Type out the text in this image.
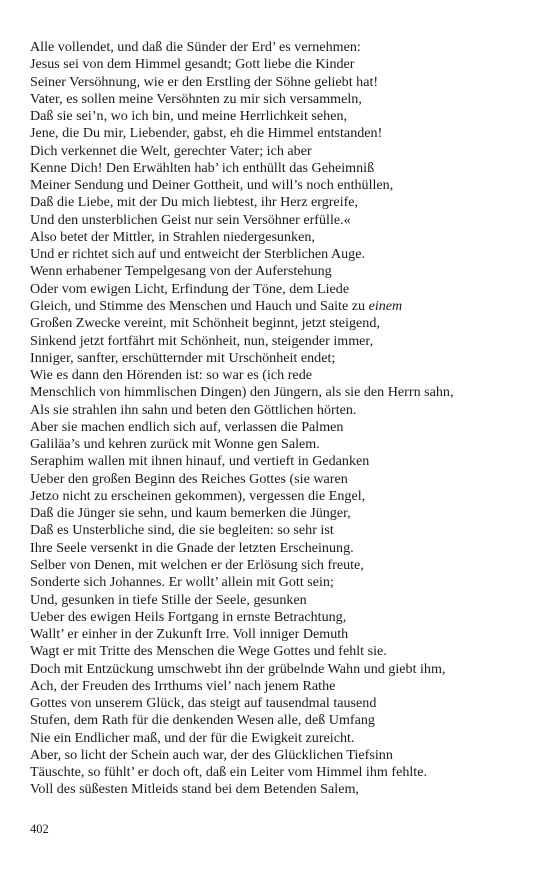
Alle vollendet, und daß die Sünder der Erd’ es vernehmen:
Jesus sei von dem Himmel gesandt; Gott liebe die Kinder
Seiner Versöhnung, wie er den Erstling der Söhne geliebt hat!
Vater, es sollen meine Versöhnten zu mir sich versammeln,
Daß sie sei’n, wo ich bin, und meine Herrlichkeit sehen,
Jene, die Du mir, Liebender, gabst, eh die Himmel entstanden!
Dich verkennet die Welt, gerechter Vater; ich aber
Kenne Dich! Den Erwählten hab’ ich enthüllt das Geheimniß
Meiner Sendung und Deiner Gottheit, und will’s noch enthüllen,
Daß die Liebe, mit der Du mich liebtest, ihr Herz ergreife,
Und den unsterblichen Geist nur sein Versöhner erfülle.«
Also betet der Mittler, in Strahlen niedergesunken,
Und er richtet sich auf und entweicht der Sterblichen Auge.
Wenn erhabener Tempelgesang von der Auferstehung
Oder vom ewigen Licht, Erfindung der Töne, dem Liede
Gleich, und Stimme des Menschen und Hauch und Saite zu einem
Großen Zwecke vereint, mit Schönheit beginnt, jetzt steigend,
Sinkend jetzt fortfährt mit Schönheit, nun, steigender immer,
Inniger, sanfter, erschütternder mit Urschönheit endet;
Wie es dann den Hörenden ist: so war es (ich rede
Menschlich von himmlischen Dingen) den Jüngern, als sie den Herrn sahn,
Als sie strahlen ihn sahn und beten den Göttlichen hörten.
Aber sie machen endlich sich auf, verlassen die Palmen
Galiläa’s und kehren zurück mit Wonne gen Salem.
Seraphim wallen mit ihnen hinauf, und vertieft in Gedanken
Ueber den großen Beginn des Reiches Gottes (sie waren
Jetzo nicht zu erscheinen gekommen), vergessen die Engel,
Daß die Jünger sie sehn, und kaum bemerken die Jünger,
Daß es Unsterbliche sind, die sie begleiten: so sehr ist
Ihre Seele versenkt in die Gnade der letzten Erscheinung.
Selber von Denen, mit welchen er der Erlösung sich freute,
Sonderte sich Johannes. Er wollt’ allein mit Gott sein;
Und, gesunken in tiefe Stille der Seele, gesunken
Ueber des ewigen Heils Fortgang in ernste Betrachtung,
Wallt’ er einher in der Zukunft Irre. Voll inniger Demuth
Wagt er mit Tritte des Menschen die Wege Gottes und fehlt sie.
Doch mit Entzückung umschwebt ihn der grübelnde Wahn und giebt ihm,
Ach, der Freuden des Irrthums viel’ nach jenem Rathe
Gottes von unserem Glück, das steigt auf tausendmal tausend
Stufen, dem Rath für die denkenden Wesen alle, deß Umfang
Nie ein Endlicher maß, und der für die Ewigkeit zureicht.
Aber, so licht der Schein auch war, der des Glücklichen Tiefsinn
Täuschte, so fühlt’ er doch oft, daß ein Leiter vom Himmel ihm fehlte.
Voll des süßesten Mitleids stand bei dem Betenden Salem,
402
